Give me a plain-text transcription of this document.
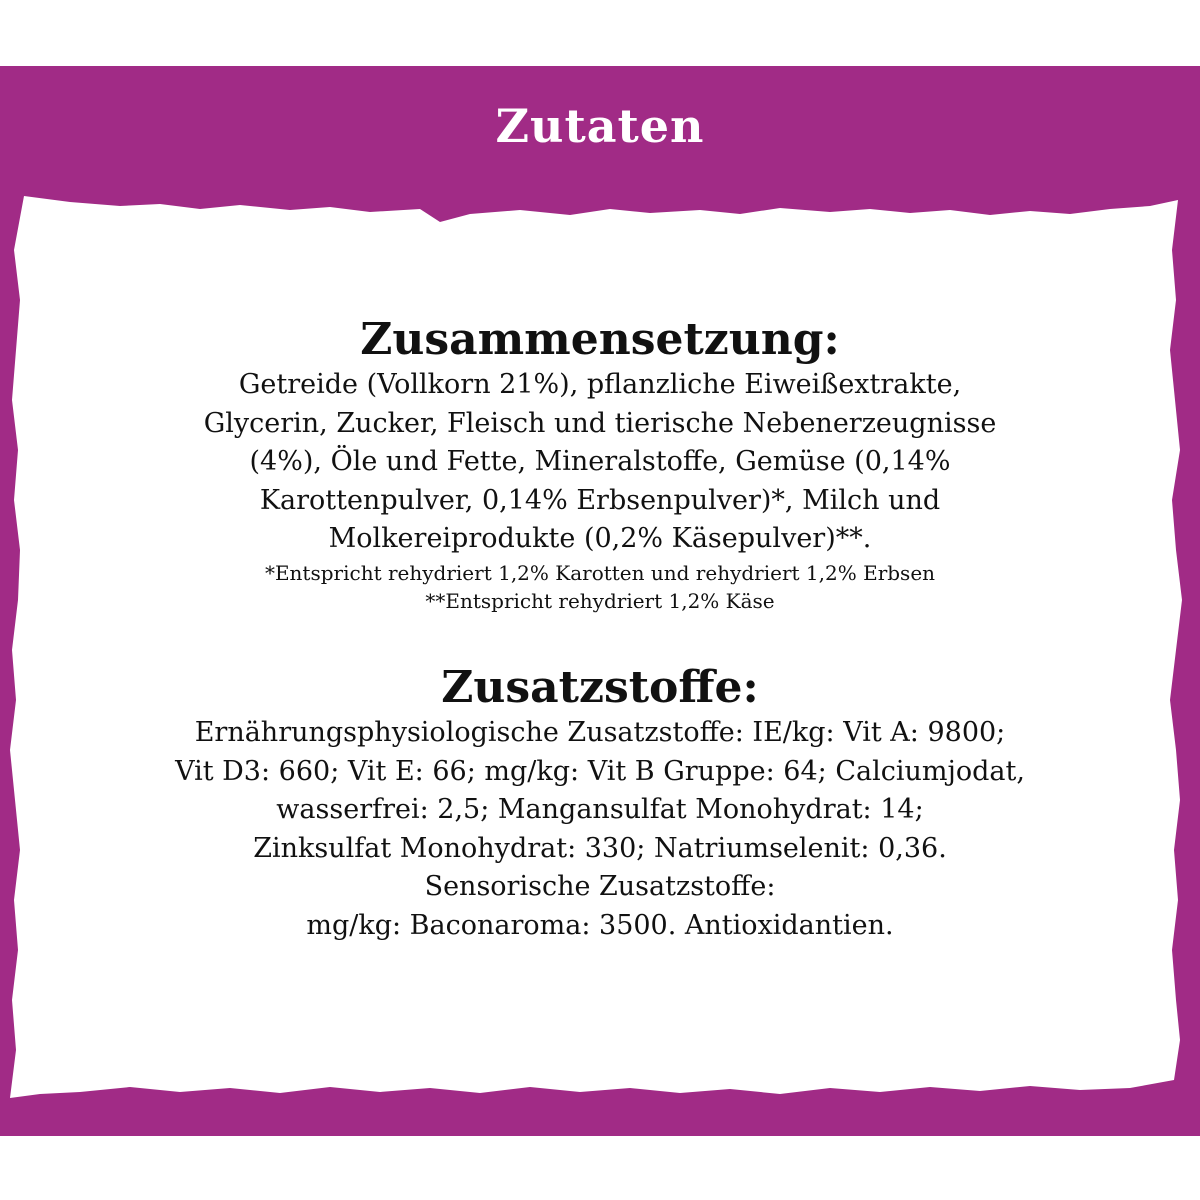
Zutaten
Zusammensetzung:

Getreide (Vollkorn 21%), pflanzliche Eiweißextrakte,
Glycerin, Zucker, Fleisch und tierische Nebenerzeugnisse
(4%), Öle und Fette, Mineralstoffe, Gemüse (0,14%
Karottenpulver, 0,14% Erbsenpulver)*, Milch und
Molkereiprodukte (0,2% Käsepulver)**.

*Entspricht rehydriert 1,2% Karotten und rehydriert 1,2% Erbsen
**Entspricht rehydriert 1,2% Käse

Zusatzstoffe:

Ernährungsphysiologische Zusatzstoffe: IE/kg: Vit A: 9800;
Vit D3: 660; Vit E: 66; mg/kg: Vit B Gruppe: 64; Calciumjodat,
wasserfrei: 2,5; Mangansulfat Monohydrat: 14;
Zinksulfat Monohydrat: 330; Natriumselenit: 0,36.
Sensorische Zusatzstoffe:
mg/kg: Baconaroma: 3500. Antioxidantien.
